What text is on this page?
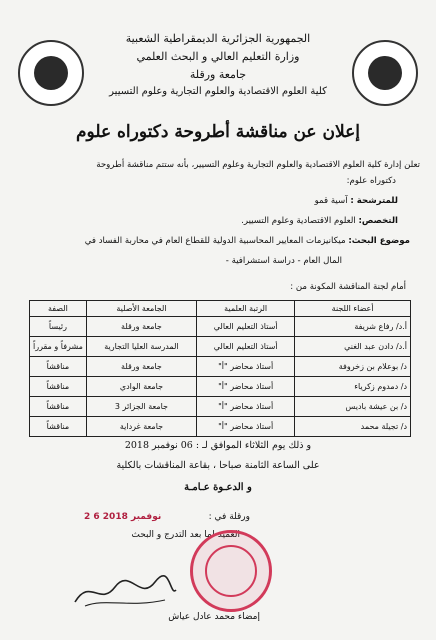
الجمهورية الجزائرية الديمقراطية الشعبية
وزارة التعليم العالي و البحث العلمي
جامعة ورقلة
كلية العلوم الاقتصادية والعلوم التجارية وعلوم التسيير
إعلان عن مناقشة أطروحة دكتوراه علوم
تعلن إدارة كلية العلوم الاقتصادية والعلوم التجارية وعلوم التسيير، بأنه ستتم مناقشة أطروحة
دكتوراه علوم:
للمترشحة : آسية قمو
التخصص: العلوم الاقتصادية وعلوم التسيير.
موضوع البحث: ميكانيزمات المعايير المحاسبية الدولية للقطاع العام في محاربة الفساد في
المال العام - دراسة استشرافية -
أمام لجنة المناقشة المكونة من :
أعضاء اللجنة	الرتبة العلمية	الجامعة الأصلية	الصفة
أ.د/ رفاع شريفة	أستاذ التعليم العالي	جامعة ورقلة	رئيساً
أ.د/ دادن عبد الغني	أستاذ التعليم العالي	المدرسة العليا التجارية	مشرفاً و مقرراً
د/ بوعلام بن زخروفة	أستاذ محاضر "أ"	جامعة ورقلة	مناقشاً
د/ دمدوم زكرياء	أستاذ محاضر "أ"	جامعة الوادي	مناقشاً
د/ بن عيشة باديس	أستاذ محاضر "أ"	جامعة الجزائر 3	مناقشاً
د/ تجيلة محمد	أستاذ محاضر "أ"	جامعة غرداية	مناقشاً
و ذلك يوم الثلاثاء الموافق لـ : 06 نوفمبر 2018
على الساعة الثامنة صباحا ، بقاعة المناقشات بالكلية
و الدعـوة عـامـة
ورقلة في :
2 6 نوفمبر 2018
العميد لما بعد التدرج و البحث
إمضاء محمد عادل عياش
